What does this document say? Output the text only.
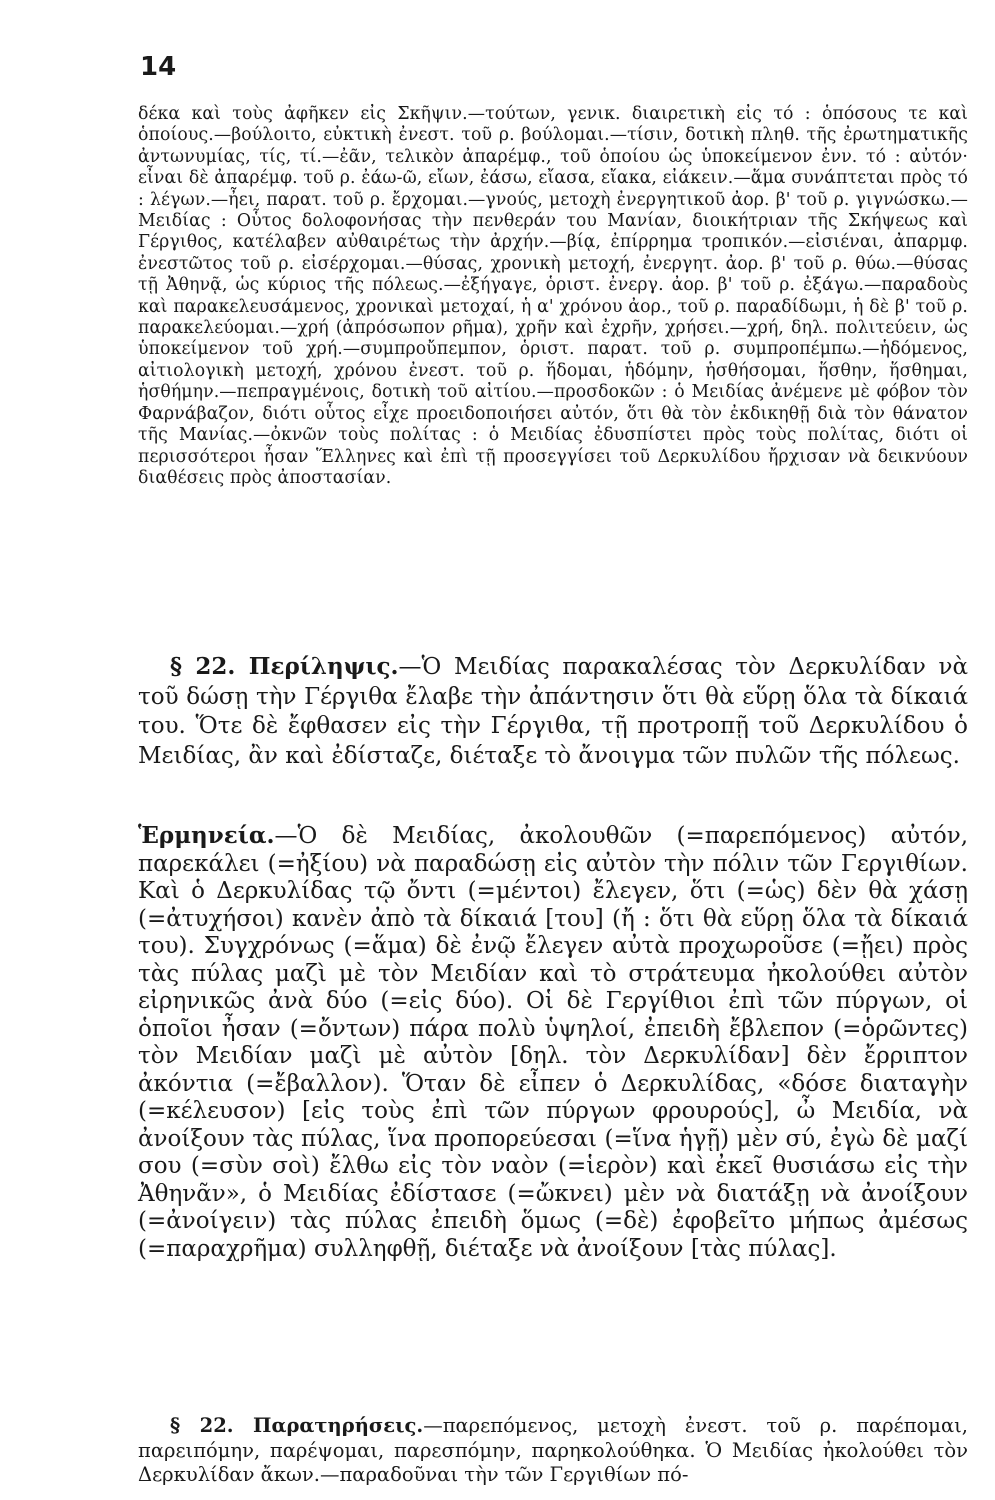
14

δέκα καὶ τοὺς ἀφῆκεν εἰς Σκῆψιν.—τούτων, γενικ. διαιρετικὴ εἰς τό : ὁπόσους τε καὶ ὁποίους.—βούλοιτο, εὐκτικὴ ἐνεστ. τοῦ ρ. βούλομαι.—τίσιν, δοτικὴ πληθ. τῆς ἐρωτηματικῆς ἀντωνυμίας, τίς, τί.—ἐᾶν, τελικὸν ἀπαρέμφ., τοῦ ὁποίου ὡς ὑποκείμενον ἐνν. τό : αὐτόν· εἶναι δὲ ἀπαρέμφ. τοῦ ρ. ἐάω-ῶ, εἴων, ἐάσω, εἴασα, εἴακα, εἰάκειν.—ἅμα συνάπτεται πρὸς τό : λέγων.—ἦει, παρατ. τοῦ ρ. ἔρχομαι.—γνούς, μετοχὴ ἐνεργητικοῦ ἀορ. β' τοῦ ρ. γιγνώσκω.—Μειδίας : Οὗτος δολοφονήσας τὴν πενθεράν του Μανίαν, διοικήτριαν τῆς Σκήψεως καὶ Γέργιθος, κατέλαβεν αὐθαιρέτως τὴν ἀρχήν.—βίᾳ, ἐπίρρημα τροπικόν.—εἰσιέναι, ἀπαρμφ. ἐνεστῶτος τοῦ ρ. εἰσέρχομαι.—θύσας, χρονικὴ μετοχή, ἐνεργητ. ἀορ. β' τοῦ ρ. θύω.—θύσας τῇ Ἀθηνᾷ, ὡς κύριος τῆς πόλεως.—ἐξήγαγε, ὁριστ. ἐνεργ. ἀορ. β' τοῦ ρ. ἐξάγω.—παραδοὺς καὶ παρακελευσάμενος, χρονικαὶ μετοχαί, ἡ α' χρόνου ἀορ., τοῦ ρ. παραδίδωμι, ἡ δὲ β' τοῦ ρ. παρακελεύομαι.—χρή (ἀπρόσωπον ρῆμα), χρῆν καὶ ἐχρῆν, χρήσει.—χρή, δηλ. πολιτεύειν, ὡς ὑποκείμενον τοῦ χρή.—συμπροὔπεμπον, ὁριστ. παρατ. τοῦ ρ. συμπροπέμπω.—ἡδόμενος, αἰτιολογικὴ μετοχή, χρόνου ἐνεστ. τοῦ ρ. ἥδομαι, ἡδόμην, ἡσθήσομαι, ἥσθην, ἥσθημαι, ἡσθήμην.—πεπραγμένοις, δοτικὴ τοῦ αἰτίου.—προσδοκῶν : ὁ Μειδίας ἀνέμενε μὲ φόβον τὸν Φαρνάβαζον, διότι οὗτος εἶχε προειδοποιήσει αὐτόν, ὅτι θὰ τὸν ἐκδικηθῇ διὰ τὸν θάνατον τῆς Μανίας.—ὀκνῶν τοὺς πολίτας : ὁ Μειδίας ἐδυσπίστει πρὸς τοὺς πολίτας, διότι οἱ περισσότεροι ἦσαν Ἕλληνες καὶ ἐπὶ τῇ προσεγγίσει τοῦ Δερκυλίδου ἤρχισαν νὰ δεικνύουν διαθέσεις πρὸς ἀποστασίαν.

§ 22. Περίληψις.—Ὁ Μειδίας παρακαλέσας τὸν Δερκυλίδαν νὰ τοῦ δώσῃ τὴν Γέργιθα ἔλαβε τὴν ἀπάντησιν ὅτι θὰ εὕρῃ ὅλα τὰ δίκαιά του. Ὅτε δὲ ἔφθασεν εἰς τὴν Γέργιθα, τῇ προτροπῇ τοῦ Δερκυλίδου ὁ Μειδίας, ἂν καὶ ἐδίσταζε, διέταξε τὸ ἄνοιγμα τῶν πυλῶν τῆς πόλεως.

Ἑρμηνεία.—Ὁ δὲ Μειδίας, ἀκολουθῶν (=παρεπόμενος) αὐτόν, παρεκάλει (=ἠξίου) νὰ παραδώσῃ εἰς αὐτὸν τὴν πόλιν τῶν Γεργιθίων. Καὶ ὁ Δερκυλίδας τῷ ὄντι (=μέντοι) ἔλεγεν, ὅτι (=ὡς) δὲν θὰ χάσῃ (=ἀτυχήσοι) κανὲν ἀπὸ τὰ δίκαιά [του] (ἤ : ὅτι θὰ εὕρῃ ὅλα τὰ δίκαιά του). Συγχρόνως (=ἅμα) δὲ ἐνῷ ἔλεγεν αὐτὰ προχωροῦσε (=ᾔει) πρὸς τὰς πύλας μαζὶ μὲ τὸν Μειδίαν καὶ τὸ στράτευμα ἠκολούθει αὐτὸν εἰρηνικῶς ἀνὰ δύο (=εἰς δύο). Οἱ δὲ Γεργίθιοι ἐπὶ τῶν πύργων, οἱ ὁποῖοι ἦσαν (=ὄντων) πάρα πολὺ ὑψηλοί, ἐπειδὴ ἔβλεπον (=ὁρῶντες) τὸν Μειδίαν μαζὶ μὲ αὐτὸν [δηλ. τὸν Δερκυλίδαν] δὲν ἔρριπτον ἀκόντια (=ἔβαλλον). Ὅταν δὲ εἶπεν ὁ Δερκυλίδας, «δόσε διαταγὴν (=κέλευσον) [εἰς τοὺς ἐπὶ τῶν πύργων φρουρούς], ὦ Μειδία, νὰ ἀνοίξουν τὰς πύλας, ἵνα προπορεύεσαι (=ἵνα ἡγῇ) μὲν σύ, ἐγὼ δὲ μαζί σου (=σὺν σοὶ) ἔλθω εἰς τὸν ναὸν (=ἱερὸν) καὶ ἐκεῖ θυσιάσω εἰς τὴν Ἀθηνᾶν», ὁ Μειδίας ἐδίστασε (=ὤκνει) μὲν νὰ διατάξῃ νὰ ἀνοίξουν (=ἀνοίγειν) τὰς πύλας ἐπειδὴ ὅμως (=δὲ) ἐφοβεῖτο μήπως ἀμέσως (=παραχρῆμα) συλληφθῇ, διέταξε νὰ ἀνοίξουν [τὰς πύλας].

§ 22. Παρατηρήσεις.—παρεπόμενος, μετοχὴ ἐνεστ. τοῦ ρ. παρέπομαι, παρειπόμην, παρέψομαι, παρεσπόμην, παρηκολούθηκα. Ὁ Μειδίας ἠκολούθει τὸν Δερκυλίδαν ἄκων.—παραδοῦναι τὴν τῶν Γεργιθίων πό-
